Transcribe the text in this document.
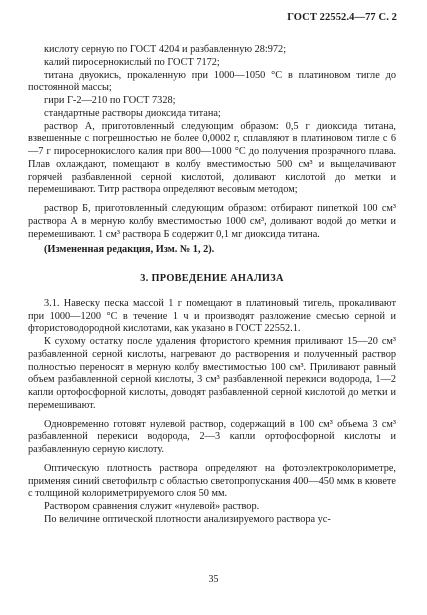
ГОСТ 22552.4—77 С. 2

кислоту серную по ГОСТ 4204 и разбавленную 28:972;

калий пиросернокислый по ГОСТ 7172;

титана двуокись, прокаленную при 1000—1050 °С в платиновом тигле до постоянной массы;

гири Г-2—210 по ГОСТ 7328;

стандартные растворы диоксида титана;

раствор А, приготовленный следующим образом: 0,5 г диоксида титана, взвешенные с погрешностью не более 0,0002 г, сплавляют в платиновом тигле с 6—7 г пиросернокислого калия при 800—1000 °С до получения прозрачного плава. Плав охлаждают, помещают в колбу вместимостью 500 см³ и выщелачивают горячей разбавленной серной кислотой, доливают кислотой до метки и перемешивают. Титр раствора определяют весовым методом;

раствор Б, приготовленный следующим образом: отбирают пипеткой 100 см³ раствора А в мерную колбу вместимостью 1000 см³, доливают водой до метки и перемешивают. 1 см³ раствора Б содержит 0,1 мг диоксида титана.

(Измененная редакция, Изм. № 1, 2).

3. ПРОВЕДЕНИЕ АНАЛИЗА

3.1. Навеску песка массой 1 г помещают в платиновый тигель, прокаливают при 1000—1200 °С в течение 1 ч и производят разложение смесью серной и фтористоводородной кислотами, как указано в ГОСТ 22552.1.

К сухому остатку после удаления фтористого кремния приливают 15—20 см³ разбавленной серной кислоты, нагревают до растворения и полученный раствор полностью переносят в мерную колбу вместимостью 100 см³. Приливают равный объем разбавленной серной кислоты, 3 см³ разбавленной перекиси водорода, 1—2 капли ортофосфорной кислоты, доводят разбавленной серной кислотой до метки и перемешивают.

Одновременно готовят нулевой раствор, содержащий в 100 см³ объема 3 см³ разбавленной перекиси водорода, 2—3 капли ортофосфорной кислоты и разбавленную серную кислоту.

Оптическую плотность раствора определяют на фотоэлектроколориметре, применяя синий светофильтр с областью светопропускания 400—450 ммк в кювете с толщиной колориметрируемого слоя 50 мм.

Раствором сравнения служит «нулевой» раствор.

По величине оптической плотности анализируемого раствора ус-

35
